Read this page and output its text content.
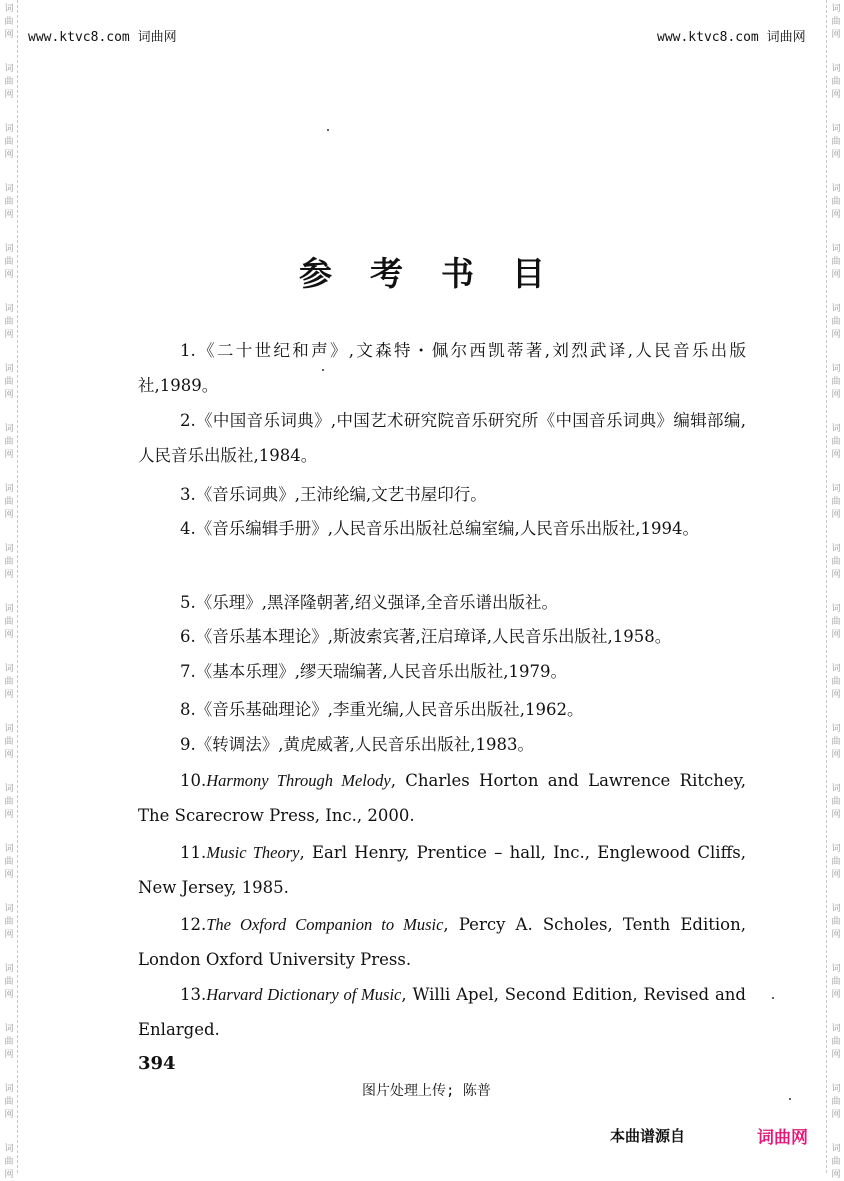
词
曲
网
词
曲
网
词
曲
网
词
曲
网
词
曲
网
词
曲
网
词
曲
网
词
曲
网
词
曲
网
词
曲
网
词
曲
网
词
曲
网
词
曲
网
词
曲
网
词
曲
网
词
曲
网
词
曲
网
词
曲
网
词
曲
网
词
曲
网
词
曲
网
词
曲
网
词
曲
网
词
曲
网
词
曲
网
词
曲
网
词
曲
网
词
曲
网
词
曲
网
词
曲
网
词
曲
网
词
曲
网
词
曲
网
词
曲
网
词
曲
网
词
曲
网
词
曲
网
词
曲
网
词
曲
网
词
曲
网
www.ktvc8.com 词曲网	www.ktvc8.com 词曲网
参考书目
1.《二十世纪和声》,文森特・佩尔西凯蒂著,刘烈武译,人民音乐出版社,1989。
2.《中国音乐词典》,中国艺术研究院音乐研究所《中国音乐词典》编辑部编,人民音乐出版社,1984。
3.《音乐词典》,王沛纶编,文艺书屋印行。
4.《音乐编辑手册》,人民音乐出版社总编室编,人民音乐出版社,1994。
5.《乐理》,黑泽隆朝著,绍义强译,全音乐谱出版社。
6.《音乐基本理论》,斯波索宾著,汪启璋译,人民音乐出版社,1958。
7.《基本乐理》,缪天瑞编著,人民音乐出版社,1979。
8.《音乐基础理论》,李重光编,人民音乐出版社,1962。
9.《转调法》,黄虎威著,人民音乐出版社,1983。
10.Harmony Through Melody, Charles Horton and Lawrence Ritchey, The Scarecrow Press, Inc., 2000.
11.Music Theory, Earl Henry, Prentice – hall, Inc., Englewood Cliffs, New Jersey, 1985.
12.The Oxford Companion to Music, Percy A. Scholes, Tenth Edition, London Oxford University Press.
13.Harvard Dictionary of Music, Willi Apel, Second Edition, Revised and Enlarged.
394
图片处理上传; 陈普
本曲谱源自	词曲网
